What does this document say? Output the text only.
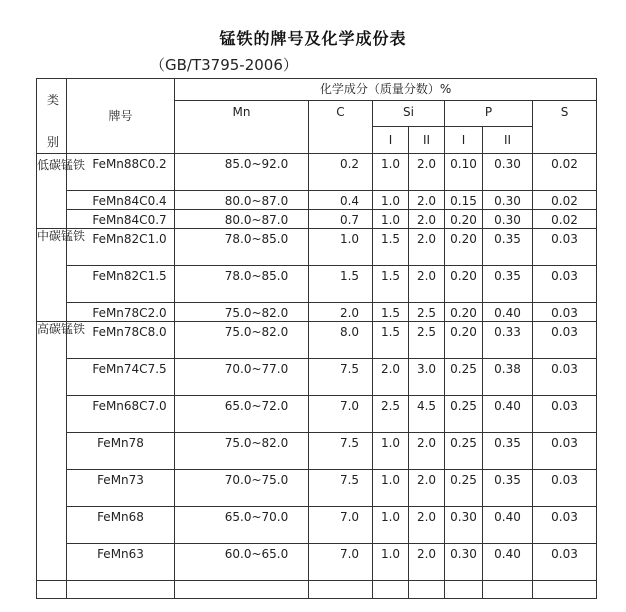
锰铁的牌号及化学成份表
（GB/T3795-2006）
类
别	牌号	化学成分（质量分数）%						
		Mn	C	Si		P		S
				I	II	I	II	
低碳锰铁	FeMn88C0.2	85.0~92.0	0.2	1.0	2.0	0.10	0.30	0.02
	FeMn84C0.4	80.0~87.0	0.4	1.0	2.0	0.15	0.30	0.02
	FeMn84C0.7	80.0~87.0	0.7	1.0	2.0	0.20	0.30	0.02
中碳锰铁	FeMn82C1.0	78.0~85.0	1.0	1.5	2.0	0.20	0.35	0.03
	FeMn82C1.5	78.0~85.0	1.5	1.5	2.0	0.20	0.35	0.03
	FeMn78C2.0	75.0~82.0	2.0	1.5	2.5	0.20	0.40	0.03
高碳锰铁	FeMn78C8.0	75.0~82.0	8.0	1.5	2.5	0.20	0.33	0.03
	FeMn74C7.5	70.0~77.0	7.5	2.0	3.0	0.25	0.38	0.03
	FeMn68C7.0	65.0~72.0	7.0	2.5	4.5	0.25	0.40	0.03
	FeMn78	75.0~82.0	7.5	1.0	2.0	0.25	0.35	0.03
	FeMn73	70.0~75.0	7.5	1.0	2.0	0.25	0.35	0.03
	FeMn68	65.0~70.0	7.0	1.0	2.0	0.30	0.40	0.03
	FeMn63	60.0~65.0	7.0	1.0	2.0	0.30	0.40	0.03
